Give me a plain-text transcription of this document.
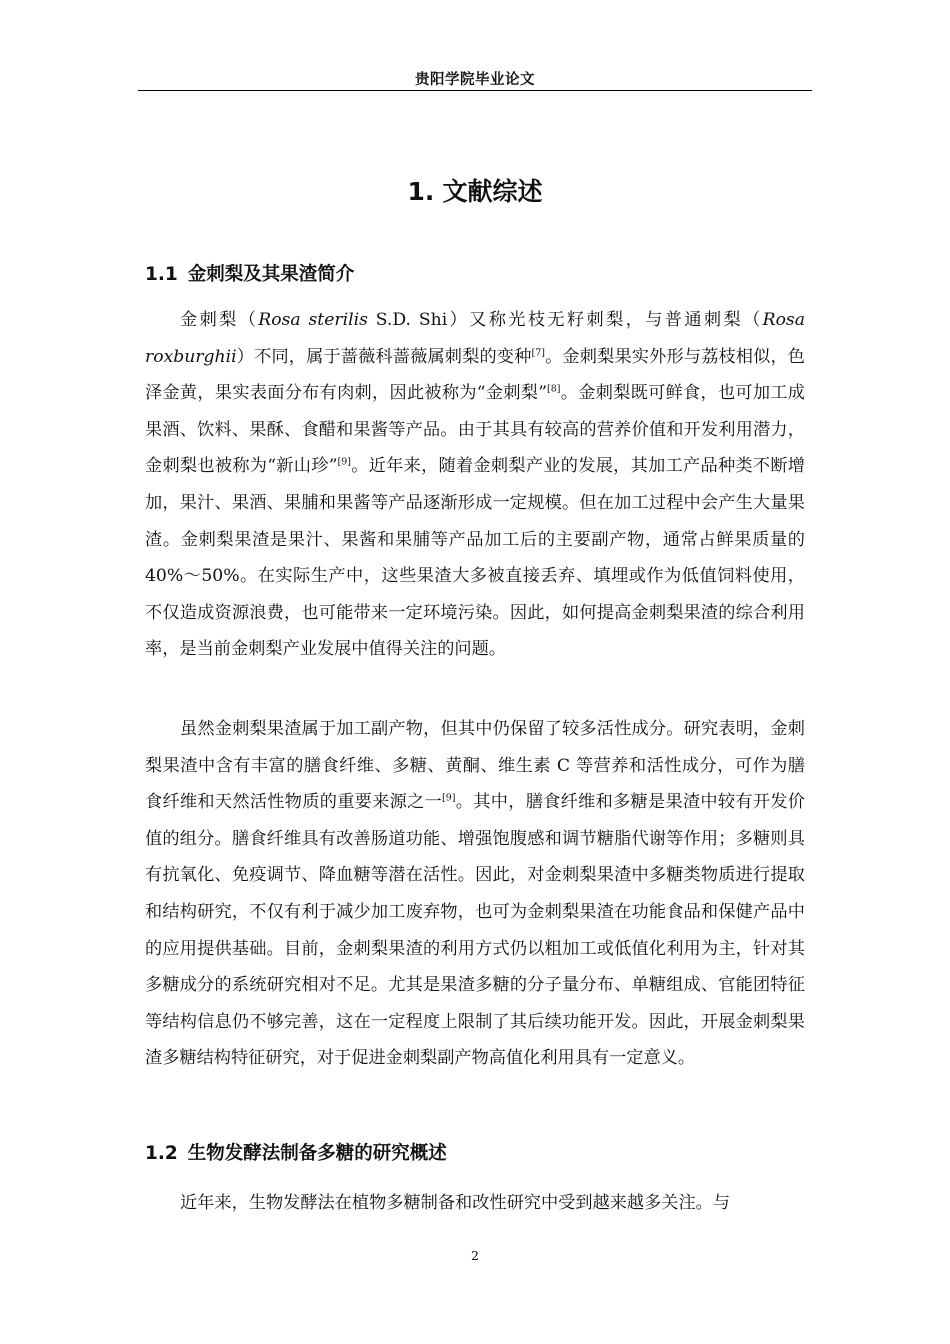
贵阳学院毕业论文
1. 文献综述
1.1 金刺梨及其果渣简介

金刺梨（Rosa sterilis S.D. Shi）又称光枝无籽刺梨，与普通刺梨（Rosa roxburghii）不同，属于蔷薇科蔷薇属刺梨的变种[7]。金刺梨果实外形与荔枝相似，色泽金黄，果实表面分布有肉刺，因此被称为“金刺梨”[8]。金刺梨既可鲜食，也可加工成果酒、饮料、果酥、食醋和果酱等产品。由于其具有较高的营养价值和开发利用潜力，金刺梨也被称为“新山珍”[9]。近年来，随着金刺梨产业的发展，其加工产品种类不断增加，果汁、果酒、果脯和果酱等产品逐渐形成一定规模。但在加工过程中会产生大量果渣。金刺梨果渣是果汁、果酱和果脯等产品加工后的主要副产物，通常占鲜果质量的 40%～50%。在实际生产中，这些果渣大多被直接丢弃、填埋或作为低值饲料使用，不仅造成资源浪费，也可能带来一定环境污染。因此，如何提高金刺梨果渣的综合利用率，是当前金刺梨产业发展中值得关注的问题。

虽然金刺梨果渣属于加工副产物，但其中仍保留了较多活性成分。研究表明，金刺梨果渣中含有丰富的膳食纤维、多糖、黄酮、维生素 C 等营养和活性成分，可作为膳食纤维和天然活性物质的重要来源之一[9]。其中，膳食纤维和多糖是果渣中较有开发价值的组分。膳食纤维具有改善肠道功能、增强饱腹感和调节糖脂代谢等作用；多糖则具有抗氧化、免疫调节、降血糖等潜在活性。因此，对金刺梨果渣中多糖类物质进行提取和结构研究，不仅有利于减少加工废弃物，也可为金刺梨果渣在功能食品和保健产品中的应用提供基础。目前，金刺梨果渣的利用方式仍以粗加工或低值化利用为主，针对其多糖成分的系统研究相对不足。尤其是果渣多糖的分子量分布、单糖组成、官能团特征等结构信息仍不够完善，这在一定程度上限制了其后续功能开发。因此，开展金刺梨果渣多糖结构特征研究，对于促进金刺梨副产物高值化利用具有一定意义。

1.2 生物发酵法制备多糖的研究概述

近年来，生物发酵法在植物多糖制备和改性研究中受到越来越多关注。与

2
